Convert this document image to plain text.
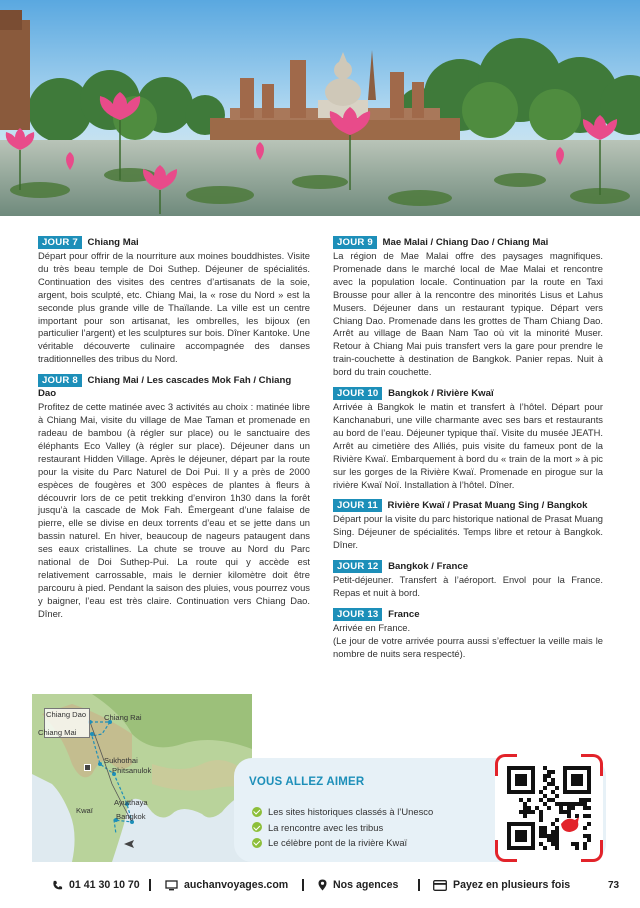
JOUR 7 Chiang Mai

Départ pour offrir de la nourriture aux moines bouddhistes. Visite du très beau temple de Doi Suthep. Déjeuner de spécialités. Continuation des visites des centres d’artisanats de la soie, argent, bois sculpté, etc. Chiang Mai, la « rose du Nord » est la seconde plus grande ville de Thaïlande. La ville est un centre important pour son artisanat, les ombrelles, les bijoux (en particulier l’argent) et les sculptures sur bois. Dîner Kantoke. Une véritable découverte culinaire accompagnée des danses traditionnelles des tribus du Nord.

JOUR 8 Chiang Mai / Les cascades Mok Fah / Chiang Dao

Profitez de cette matinée avec 3 activités au choix : matinée libre à Chiang Mai, visite du village de Mae Taman et promenade en radeau de bambou (à régler sur place) ou le sanctuaire des éléphants Eco Valley (à régler sur place). Déjeuner dans un restaurant Hidden Village. Après le déjeuner, départ par la route pour la visite du Parc Naturel de Doi Pui. Il y a près de 2000 espèces de fougères et 300 espèces de plantes à fleurs à découvrir lors de ce petit trekking d’environ 1h30 dans la forêt jusqu’à la cascade de Mok Fah. Émergeant d’une falaise de pierre, elle se divise en deux torrents d’eau et se jette dans un bassin naturel. En hiver, beaucoup de nageurs pataugent dans ses eaux cristallines. La chute se trouve au Nord du Parc national de Doi Suthep-Pui. La route qui y accède est relativement carrossable, mais le dernier kilomètre doit être parcouru à pied. Pendant la saison des pluies, vous pourrez vous y baigner, l’eau est très claire. Continuation vers Chiang Dao. Dîner.

JOUR 9 Mae Malai / Chiang Dao / Chiang Mai

La région de Mae Malai offre des paysages magnifiques. Promenade dans le marché local de Mae Malai et rencontre avec la population locale. Continuation par la route en Taxi Brousse pour aller à la rencontre des minorités Lisus et Lahus Musers. Déjeuner dans un restaurant typique. Départ vers Chiang Dao. Promenade dans les grottes de Tham Chiang Dao. Arrêt au village de Baan Nam Tao où vit la minorité Muser. Retour à Chiang Mai puis transfert vers la gare pour prendre le train-couchette à destination de Bangkok. Panier repas. Nuit à bord du train couchette.

JOUR 10 Bangkok / Rivière Kwaï

Arrivée à Bangkok le matin et transfert à l’hôtel. Départ pour Kanchanaburi, une ville charmante avec ses bars et restaurants au bord de l’eau. Déjeuner typique thaï. Visite du musée JEATH. Arrêt au cimetière des Alliés, puis visite du fameux pont de la Rivière Kwaï. Embarquement à bord du « train de la mort » à pic sur les gorges de la Rivière Kwaï. Promenade en pirogue sur la rivière Kwaï Noï. Installation à l’hôtel. Dîner.

JOUR 11 Rivière Kwaï / Prasat Muang Sing / Bangkok

Départ pour la visite du parc historique national de Prasat Muang Sing. Déjeuner de spécialités. Temps libre et retour à Bangkok. Dîner.

JOUR 12 Bangkok / France

Petit-déjeuner. Transfert à l’aéroport. Envol pour la France. Repas et nuit à bord.

JOUR 13 France

Arrivée en France.

(Le jour de votre arrivée pourra aussi s’effectuer la veille mais le nombre de nuits sera respecté).

Chiang Dao Chiang Rai
Chiang Mai
Sukhothai
Phitsanulok
Ayutthaya
Kwaï
Bangkok
VOUS ALLEZ AIMER
Les sites historiques classés à l’Unesco
La rencontre avec les tribus
Le célèbre pont de la rivière Kwaï
01 41 30 10 70	auchanvoyages.com	Nos agences	Payez en plusieurs fois	73
